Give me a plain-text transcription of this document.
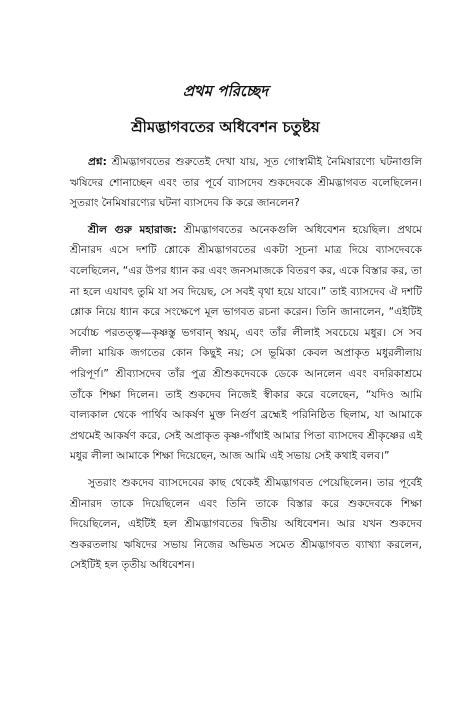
প্রথম পরিচ্ছেদ
শ্রীমদ্ভাগবতের অধিবেশন চতুষ্টয়

প্রশ্ন: শ্রীমদ্ভাগবতের শুরুতেই দেখা যায়, সূত গোস্বামীই নৈমিষারণ্যে ঘটনাগুলি ঋষিদের শোনাচ্ছেন এবং তার পূর্বে ব্যাসদেব শুকদেবকে শ্রীমদ্ভাগবত বলেছিলেন। সুতরাং নৈমিষারণ্যের ঘটনা ব্যাসদেব কি করে জানলেন?

শ্রীল গুরু মহারাজ: শ্রীমদ্ভাগবতের অনেকগুলি অধিবেশন হয়েছিল। প্রথমে শ্রীনারদ এসে দশটি শ্লোকে শ্রীমদ্ভাগবতের একটা সূচনা মাত্র দিয়ে ব্যাসদেবকে বলেছিলেন, “এর উপর ধ্যান কর এবং জনসমাজকে বিতরণ কর, একে বিস্তার কর, তা না হলে এযাবৎ তুমি যা সব দিয়েছ, সে সবই বৃথা হয়ে যাবে।” তাই ব্যাসদেব ঐ দশটি শ্লোক নিয়ে ধ্যান করে সংক্ষেপে মূল ভাগবত রচনা করেন। তিনি জানালেন, “এইটিই সর্বোচ্চ পরতত্ত্ব—কৃষ্ণস্তু ভগবান্ স্বয়ম্, এবং তাঁর লীলাই সবচেয়ে মধুর। সে সব লীলা মায়িক জগতের কোন কিছুই নয়; সে ভূমিকা কেবল অপ্রাকৃত মধুরলীলায় পরিপূর্ণ।” শ্রীব্যাসদেব তাঁর পুত্র শ্রীশুকদেবকে ডেকে আনলেন এবং বদরিকাশ্রমে তাঁকে শিক্ষা দিলেন। তাই শুকদেব নিজেই স্বীকার করে বলেছেন, “যদিও আমি বাল্যকাল থেকে পার্থিব আকর্ষণ মুক্ত নির্গুণ ব্রহ্মেই পরিনিষ্ঠিত ছিলাম, যা আমাকে প্রথমেই আকর্ষণ করে, সেই অপ্রাকৃত কৃষ্ণ-গাঁথাই আমার পিতা ব্যাসদেব শ্রীকৃষ্ণের এই মধুর লীলা আমাকে শিক্ষা দিয়েছেন, আজ আমি এই সভায় সেই কথাই বলব।”

সুতরাং শুকদেব ব্যাসদেবের কাছ থেকেই শ্রীমদ্ভাগবত পেয়েছিলেন। তার পূর্বেই শ্রীনারদ তাকে দিয়েছিলেন এবং তিনি তাকে বিস্তার করে শুকদেবকে শিক্ষা দিয়েছিলেন, এইটিই হল শ্রীমদ্ভাগবতের দ্বিতীয় অধিবেশন। আর যখন শুকদেব শুকরতলায় ঋষিদের সভায় নিজের অভিমত সমেত শ্রীমদ্ভাগবত ব্যাখ্যা করলেন, সেইটিই হল তৃতীয় অধিবেশন।
